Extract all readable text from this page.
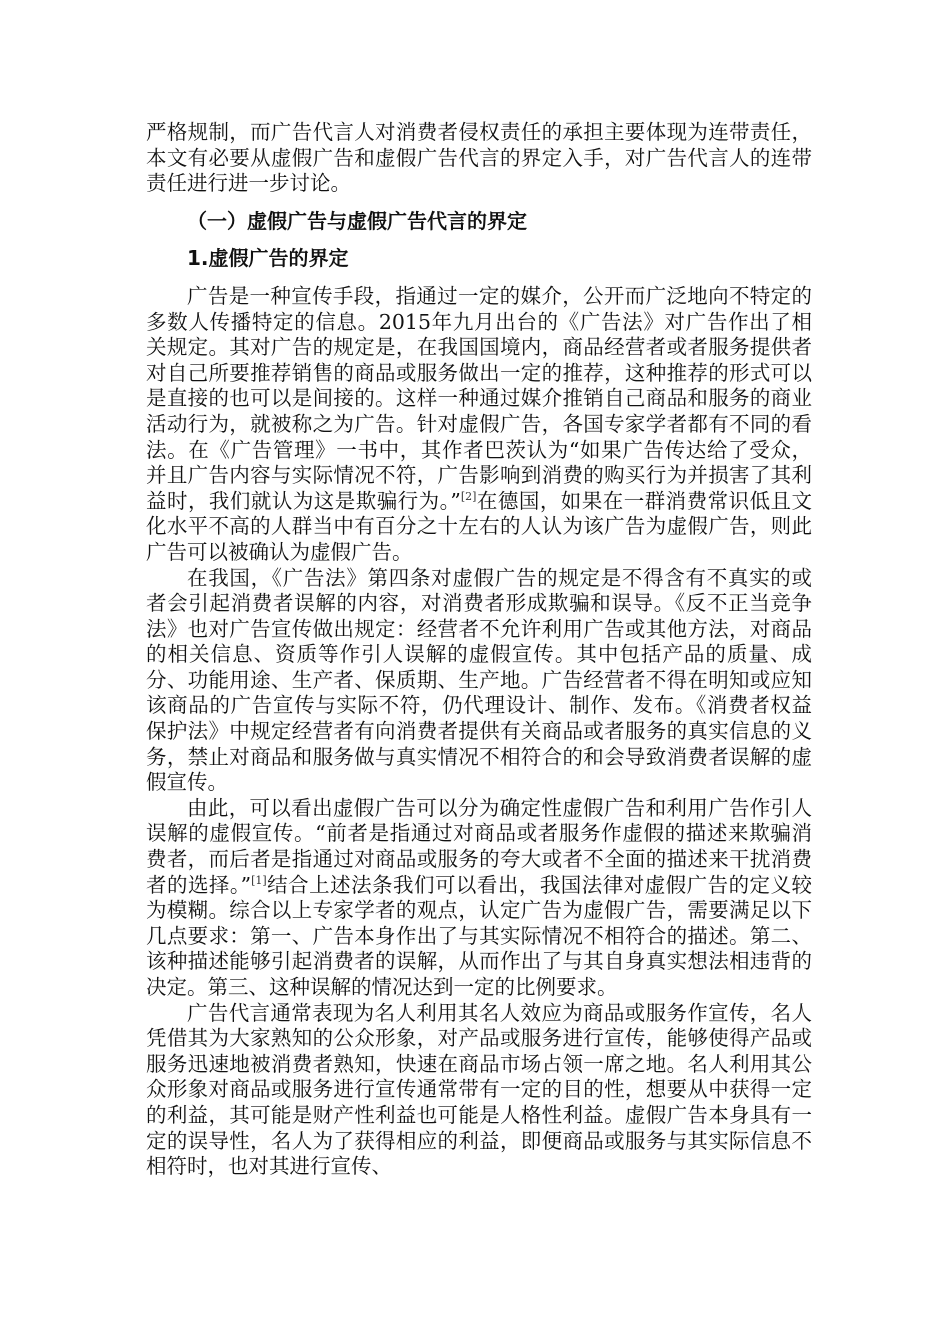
严格规制，而广告代言人对消费者侵权责任的承担主要体现为连带责任，本文有必要从虚假广告和虚假广告代言的界定入手，对广告代言人的连带责任进行进一步讨论。

（一）虚假广告与虚假广告代言的界定

1.虚假广告的界定

广告是一种宣传手段，指通过一定的媒介，公开而广泛地向不特定的多数人传播特定的信息。2015年九月出台的《广告法》对广告作出了相关规定。其对广告的规定是，在我国国境内，商品经营者或者服务提供者对自己所要推荐销售的商品或服务做出一定的推荐，这种推荐的形式可以是直接的也可以是间接的。这样一种通过媒介推销自己商品和服务的商业活动行为，就被称之为广告。针对虚假广告，各国专家学者都有不同的看法。在《广告管理》一书中，其作者巴茨认为“如果广告传达给了受众，并且广告内容与实际情况不符，广告影响到消费的购买行为并损害了其利益时，我们就认为这是欺骗行为。”[2]在德国，如果在一群消费常识低且文化水平不高的人群当中有百分之十左右的人认为该广告为虚假广告，则此广告可以被确认为虚假广告。

在我国，《广告法》第四条对虚假广告的规定是不得含有不真实的或者会引起消费者误解的内容，对消费者形成欺骗和误导。《反不正当竞争法》也对广告宣传做出规定：经营者不允许利用广告或其他方法，对商品的相关信息、资质等作引人误解的虚假宣传。其中包括产品的质量、成分、功能用途、生产者、保质期、生产地。广告经营者不得在明知或应知该商品的广告宣传与实际不符，仍代理设计、制作、发布。《消费者权益保护法》中规定经营者有向消费者提供有关商品或者服务的真实信息的义务，禁止对商品和服务做与真实情况不相符合的和会导致消费者误解的虚假宣传。

由此，可以看出虚假广告可以分为确定性虚假广告和利用广告作引人误解的虚假宣传。“前者是指通过对商品或者服务作虚假的描述来欺骗消费者，而后者是指通过对商品或服务的夸大或者不全面的描述来干扰消费者的选择。”[1]结合上述法条我们可以看出，我国法律对虚假广告的定义较为模糊。综合以上专家学者的观点，认定广告为虚假广告，需要满足以下几点要求：第一、广告本身作出了与其实际情况不相符合的描述。第二、该种描述能够引起消费者的误解，从而作出了与其自身真实想法相违背的决定。第三、这种误解的情况达到一定的比例要求。

广告代言通常表现为名人利用其名人效应为商品或服务作宣传，名人凭借其为大家熟知的公众形象，对产品或服务进行宣传，能够使得产品或服务迅速地被消费者熟知，快速在商品市场占领一席之地。名人利用其公众形象对商品或服务进行宣传通常带有一定的目的性，想要从中获得一定的利益，其可能是财产性利益也可能是人格性利益。虚假广告本身具有一定的误导性，名人为了获得相应的利益，即便商品或服务与其实际信息不相符时，也对其进行宣传、
